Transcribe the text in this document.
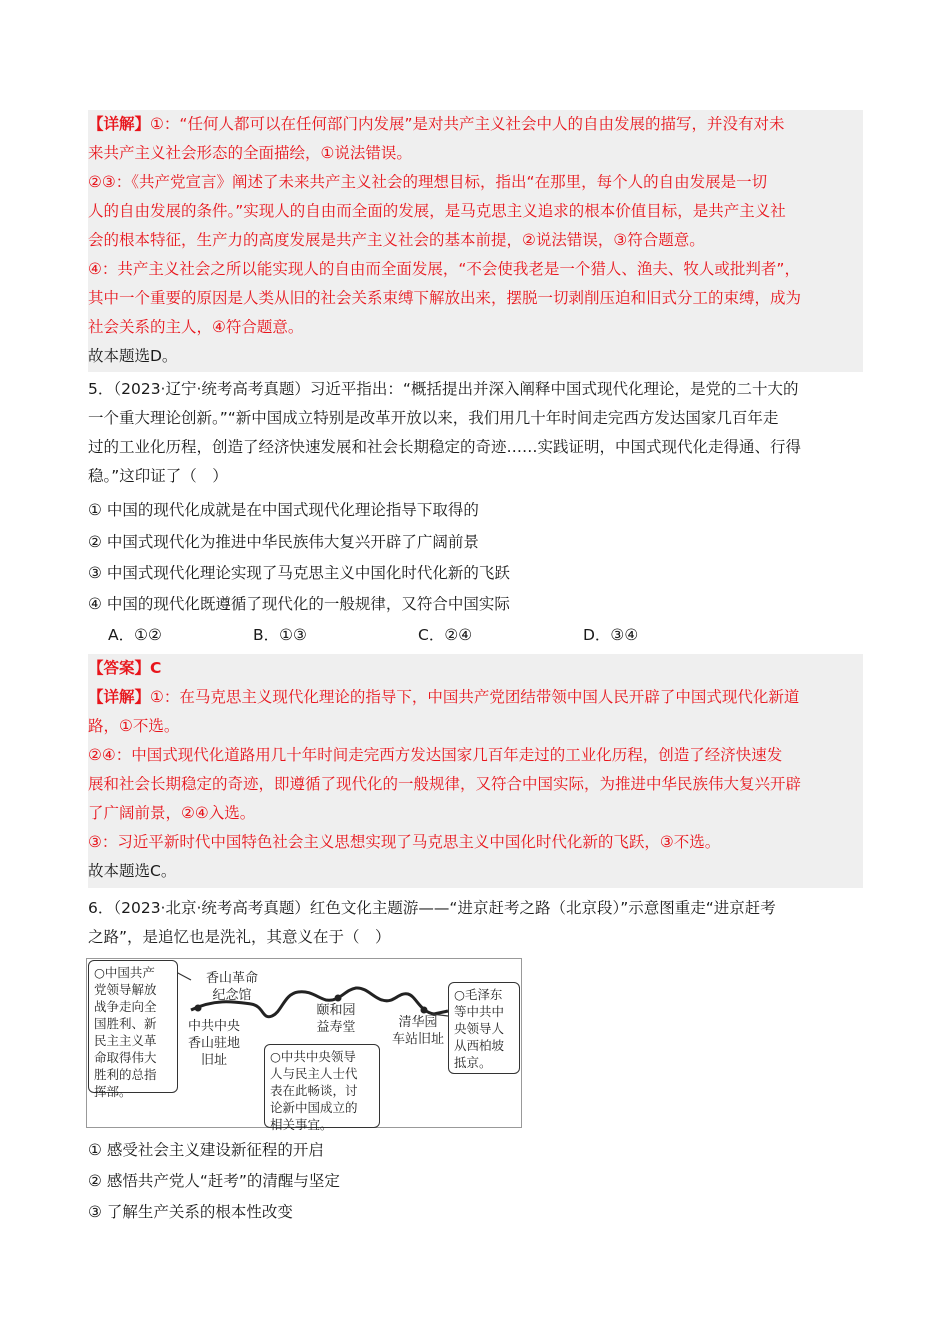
【详解】①：“任何人都可以在任何部门内发展”是对共产主义社会中人的自由发展的描写，并没有对未
来共产主义社会形态的全面描绘，①说法错误。
②③：《共产党宣言》阐述了未来共产主义社会的理想目标，指出“在那里，每个人的自由发展是一切
人的自由发展的条件。”实现人的自由而全面的发展，是马克思主义追求的根本价值目标，是共产主义社
会的根本特征，生产力的高度发展是共产主义社会的基本前提，②说法错误，③符合题意。
④：共产主义社会之所以能实现人的自由而全面发展，“不会使我老是一个猎人、渔夫、牧人或批判者”，
其中一个重要的原因是人类从旧的社会关系束缚下解放出来，摆脱一切剥削压迫和旧式分工的束缚，成为
社会关系的主人，④符合题意。
故本题选D。
5．（2023·辽宁·统考高考真题）习近平指出：“概括提出并深入阐释中国式现代化理论，是党的二十大的
一个重大理论创新。”“新中国成立特别是改革开放以来，我们用几十年时间走完西方发达国家几百年走
过的工业化历程，创造了经济快速发展和社会长期稳定的奇迹……实践证明，中国式现代化走得通、行得
稳。”这印证了（　）
① 中国的现代化成就是在中国式现代化理论指导下取得的
② 中国式现代化为推进中华民族伟大复兴开辟了广阔前景
③ 中国式现代化理论实现了马克思主义中国化时代化新的飞跃
④ 中国的现代化既遵循了现代化的一般规律，又符合中国实际
A．①②	B．①③	C．②④	D．③④
【答案】C
【详解】①：在马克思主义现代化理论的指导下，中国共产党团结带领中国人民开辟了中国式现代化新道
路，①不选。
②④：中国式现代化道路用几十年时间走完西方发达国家几百年走过的工业化历程，创造了经济快速发
展和社会长期稳定的奇迹，即遵循了现代化的一般规律，又符合中国实际，为推进中华民族伟大复兴开辟
了广阔前景，②④入选。
③：习近平新时代中国特色社会主义思想实现了马克思主义中国化时代化新的飞跃，③不选。
故本题选C。
6．（2023·北京·统考高考真题）红色文化主题游——“进京赶考之路（北京段）”示意图重走“进京赶考
之路”，是追忆也是洗礼，其意义在于（　）
○中国共产
党领导解放
战争走向全
国胜利、新
民主主义革
命取得伟大
胜利的总指
挥部。
○中共中央领导
人与民主人士代
表在此畅谈，讨
论新中国成立的
相关事宜。
○毛泽东
等中共中
央领导人
从西柏坡
抵京。
香山革命
纪念馆
中共中央
香山驻地
旧址
颐和园
益寿堂	清华园
车站旧址
① 感受社会主义建设新征程的开启
② 感悟共产党人“赶考”的清醒与坚定
③ 了解生产关系的根本性改变
